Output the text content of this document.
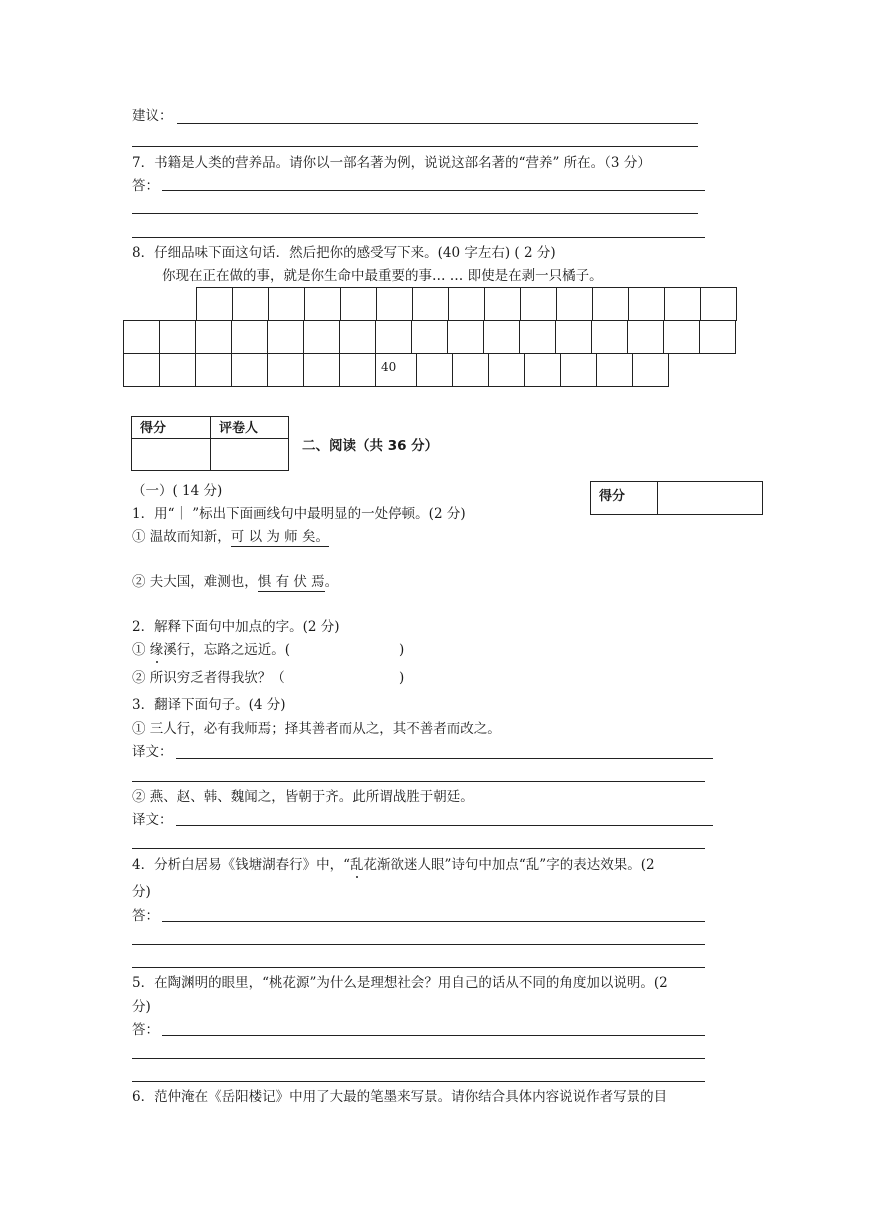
建议：
7．书籍是人类的营养品。请你以一部名著为例，说说这部名著的“营养” 所在。（3 分）
答：
8．仔细品味下面这句话．然后把你的感受写下来。(40 字左右) ( 2 分)
你现在正在做的事，就是你生命中最重要的事… … 即使是在剥一只橘子。

							40							
得分	评卷人

二、阅读（共 36 分）
得分	
（一）( 14 分)
1．用“｜ ”标出下面画线句中最明显的一处停顿。(2 分)
① 温故而知新，可 以 为 师 矣。
② 夫大国，难测也，惧 有 伏 焉。
2．解释下面句中加点的字。(2 分)
① 缘溪行，忘路之远近。(	)
② 所识穷乏者得我欤？（	)
3．翻译下面句子。(4 分)
① 三人行，必有我师焉；择其善者而从之，其不善者而改之。
译文：
② 燕、赵、韩、魏闻之，皆朝于齐。此所谓战胜于朝廷。
译文：
4．分析白居易《钱塘湖春行》中，“乱花渐欲迷人眼”诗句中加点“乱”字的表达效果。(2
分)
答：
5．在陶渊明的眼里，“桃花源”为什么是理想社会？用自己的话从不同的角度加以说明。(2
分)
答：
6．范仲淹在《岳阳楼记》中用了大最的笔墨来写景。请你结合具体内容说说作者写景的目
